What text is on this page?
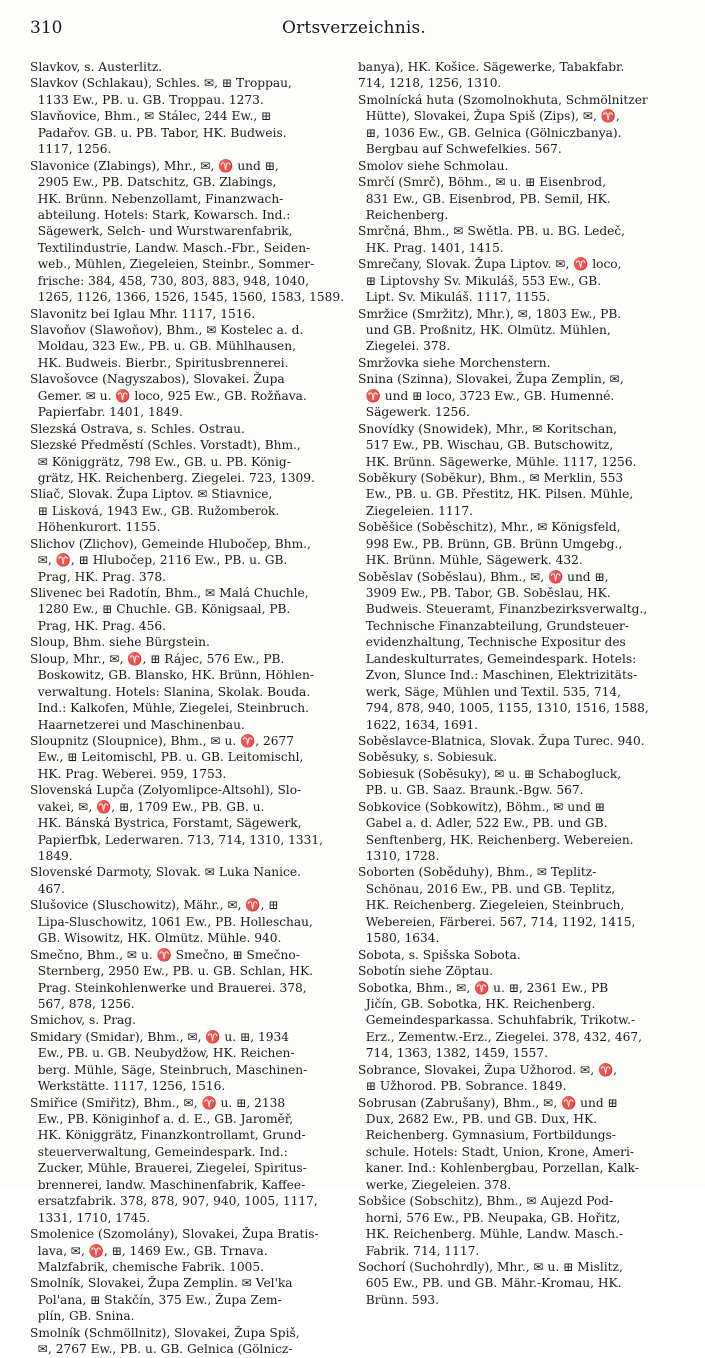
310	Ortsverzeichnis.
Slavkov, s. Austerlitz.
Slavkov (Schlakau), Schles. ✉, ⊞ Troppau,
1133 Ew., PB. u. GB. Troppau. 1273.
Slavňovice, Bhm., ✉ Stálec, 244 Ew., ⊞
Padařov. GB. u. PB. Tabor, HK. Budweis.
1117, 1256.
Slavonice (Zlabings), Mhr., ✉, ♈ und ⊞,
2905 Ew., PB. Datschitz, GB. Zlabings,
HK. Brünn. Nebenzollamt, Finanzwach-
abteilung. Hotels: Stark, Kowarsch. Ind.:
Sägewerk, Selch- und Wurstwarenfabrik,
Textilindustrie, Landw. Masch.-Fbr., Seiden-
web., Mühlen, Ziegeleien, Steinbr., Sommer-
frische: 384, 458, 730, 803, 883, 948, 1040,
1265, 1126, 1366, 1526, 1545, 1560, 1583, 1589.
Slavonitz bei Iglau Mhr. 1117, 1516.
Slavoňov (Slawoňov), Bhm., ✉ Kostelec a. d.
Moldau, 323 Ew., PB. u. GB. Mühlhausen,
HK. Budweis. Bierbr., Spiritusbrennerei.
Slavošovce (Nagyszabos), Slovakei. Župa
Gemer. ✉ u. ♈ loco, 925 Ew., GB. Rožňava.
Papierfabr. 1401, 1849.
Slezská Ostrava, s. Schles. Ostrau.
Slezské Předměstí (Schles. Vorstadt), Bhm.,
✉ Königgrätz, 798 Ew., GB. u. PB. König-
grätz, HK. Reichenberg. Ziegelei. 723, 1309.
Sliač, Slovak. Župa Liptov. ✉ Stiavnice,
⊞ Lisková, 1943 Ew., GB. Ružomberok.
Höhenkurort. 1155.
Slichov (Zlichov), Gemeinde Hlubočep, Bhm.,
✉, ♈, ⊞ Hlubočep, 2116 Ew., PB. u. GB.
Prag, HK. Prag. 378.
Slivenec bei Radotín, Bhm., ✉ Malá Chuchle,
1280 Ew., ⊞ Chuchle. GB. Königsaal, PB.
Prag, HK. Prag. 456.
Sloup, Bhm. siehe Bürgstein.
Sloup, Mhr., ✉, ♈, ⊞ Rájec, 576 Ew., PB.
Boskowitz, GB. Blansko, HK. Brünn, Höhlen-
verwaltung. Hotels: Slanina, Skolak. Bouda.
Ind.: Kalkofen, Mühle, Ziegelei, Steinbruch.
Haarnetzerei und Maschinenbau.
Sloupnitz (Sloupnice), Bhm., ✉ u. ♈, 2677
Ew., ⊞ Leitomischl, PB. u. GB. Leitomischl,
HK. Prag. Weberei. 959, 1753.
Slovenská Lupča (Zolyomlipce-Altsohl), Slo-
vakei, ✉, ♈, ⊞, 1709 Ew., PB. GB. u.
HK. Bánská Bystrica, Forstamt, Sägewerk,
Papierfbk, Lederwaren. 713, 714, 1310, 1331,
1849.
Slovenské Darmoty, Slovak. ✉ Luka Nanice.
467.
Slušovice (Sluschowitz), Mähr., ✉, ♈, ⊞
Lipa-Sluschowitz, 1061 Ew., PB. Holleschau,
GB. Wisowitz, HK. Olmütz. Mühle. 940.
Smečno, Bhm., ✉ u. ♈ Smečno, ⊞ Smečno-
Sternberg, 2950 Ew., PB. u. GB. Schlan, HK.
Prag. Steinkohlenwerke und Brauerei. 378,
567, 878, 1256.
Smichov, s. Prag.
Smidary (Smidar), Bhm., ✉, ♈ u. ⊞, 1934
Ew., PB. u. GB. Neubydžow, HK. Reichen-
berg. Mühle, Säge, Steinbruch, Maschinen-
Werkstätte. 1117, 1256, 1516.
Smiřice (Smiřitz), Bhm., ✉, ♈ u. ⊞, 2138
Ew., PB. Königinhof a. d. E., GB. Jaroměř,
HK. Königgrätz, Finanzkontrollamt, Grund-
steuerverwaltung, Gemeindespark. Ind.:
Zucker, Mühle, Brauerei, Ziegelei, Spiritus-
brennerei, landw. Maschinenfabrik, Kaffee-
ersatzfabrik. 378, 878, 907, 940, 1005, 1117,
1331, 1710, 1745.
Smolenice (Szomolány), Slovakei, Župa Bratis-
lava, ✉, ♈, ⊞, 1469 Ew., GB. Trnava.
Malzfabrik, chemische Fabrik. 1005.
Smolník, Slovakei, Župa Zemplin. ✉ Vel'ka
Pol'ana, ⊞ Stakčín, 375 Ew., Župa Zem-
plín, GB. Snina.
Smolník (Schmöllnitz), Slovakei, Župa Spiš,
✉, 2767 Ew., PB. u. GB. Gelnica (Gölnicz-
banya), HK. Košice. Sägewerke, Tabakfabr.
714, 1218, 1256, 1310.
Smolnícká huta (Szomolnokhuta, Schmölnitzer
Hütte), Slovakei, Župa Spiš (Zips), ✉, ♈,
⊞, 1036 Ew., GB. Gelnica (Gölniczbanya).
Bergbau auf Schwefelkies. 567.
Smolov siehe Schmolau.
Smrčí (Smrč), Böhm., ✉ u. ⊞ Eisenbrod,
831 Ew., GB. Eisenbrod, PB. Semil, HK.
Reichenberg.
Smrčná, Bhm., ✉ Swětla. PB. u. BG. Ledeč,
HK. Prag. 1401, 1415.
Smrečany, Slovak. Župa Liptov. ✉, ♈ loco,
⊞ Liptovshy Sv. Mikuláš, 553 Ew., GB.
Lipt. Sv. Mikuláš. 1117, 1155.
Smržice (Smržitz), Mhr.), ✉, 1803 Ew., PB.
und GB. Proßnitz, HK. Olmütz. Mühlen,
Ziegelei. 378.
Smržovka siehe Morchenstern.
Snina (Szinna), Slovakei, Župa Zemplin, ✉,
♈ und ⊞ loco, 3723 Ew., GB. Humenné.
Sägewerk. 1256.
Snovídky (Snowidek), Mhr., ✉ Koritschan,
517 Ew., PB. Wischau, GB. Butschowitz,
HK. Brünn. Sägewerke, Mühle. 1117, 1256.
Soběkury (Sobĕkur), Bhm., ✉ Merklin, 553
Ew., PB. u. GB. Přestitz, HK. Pilsen. Mühle,
Ziegeleien. 1117.
Soběšice (Soběschitz), Mhr., ✉ Königsfeld,
998 Ew., PB. Brünn, GB. Brünn Umgebg.,
HK. Brünn. Mühle, Sägewerk. 432.
Soběslav (Soběslau), Bhm., ✉, ♈ und ⊞,
3909 Ew., PB. Tabor, GB. Soběslau, HK.
Budweis. Steueramt, Finanzbezirksverwaltg.,
Technische Finanzabteilung, Grundsteuer-
evidenzhaltung, Technische Expositur des
Landeskulturrates, Gemeindespark. Hotels:
Zvon, Slunce Ind.: Maschinen, Elektrizitäts-
werk, Säge, Mühlen und Textil. 535, 714,
794, 878, 940, 1005, 1155, 1310, 1516, 1588,
1622, 1634, 1691.
Soběslavce-Blatnica, Slovak. Župa Turec. 940.
Soběsuky, s. Sobiesuk.
Sobiesuk (Soběsuky), ✉ u. ⊞ Schabogluck,
PB. u. GB. Saaz. Braunk.-Bgw. 567.
Sobkovice (Sobkowitz), Böhm., ✉ und ⊞
Gabel a. d. Adler, 522 Ew., PB. und GB.
Senftenberg, HK. Reichenberg. Webereien.
1310, 1728.
Soborten (Soběduhy), Bhm., ✉ Teplitz-
Schönau, 2016 Ew., PB. und GB. Teplitz,
HK. Reichenberg. Ziegeleien, Steinbruch,
Webereien, Färberei. 567, 714, 1192, 1415,
1580, 1634.
Sobota, s. Spišska Sobota.
Sobotín siehe Zöptau.
Sobotka, Bhm., ✉, ♈ u. ⊞, 2361 Ew., PB
Jičín, GB. Sobotka, HK. Reichenberg.
Gemeindesparkassa. Schuhfabrik, Trikotw.-
Erz., Zementw.-Erz., Ziegelei. 378, 432, 467,
714, 1363, 1382, 1459, 1557.
Sobrance, Slovakei, Župa Užhorod. ✉, ♈,
⊞ Užhorod. PB. Sobrance. 1849.
Sobrusan (Zabrušany), Bhm., ✉, ♈ und ⊞
Dux, 2682 Ew., PB. und GB. Dux, HK.
Reichenberg. Gymnasium, Fortbildungs-
schule. Hotels: Stadt, Union, Krone, Ameri-
kaner. Ind.: Kohlenbergbau, Porzellan, Kalk-
werke, Ziegeleien. 378.
Sobšice (Sobschitz), Bhm., ✉ Aujezd Pod-
horni, 576 Ew., PB. Neupaka, GB. Hořitz,
HK. Reichenberg. Mühle, Landw. Masch.-
Fabrik. 714, 1117.
Sochorí (Suchohrdly), Mhr., ✉ u. ⊞ Mislitz,
605 Ew., PB. und GB. Mähr.-Kromau, HK.
Brünn. 593.
